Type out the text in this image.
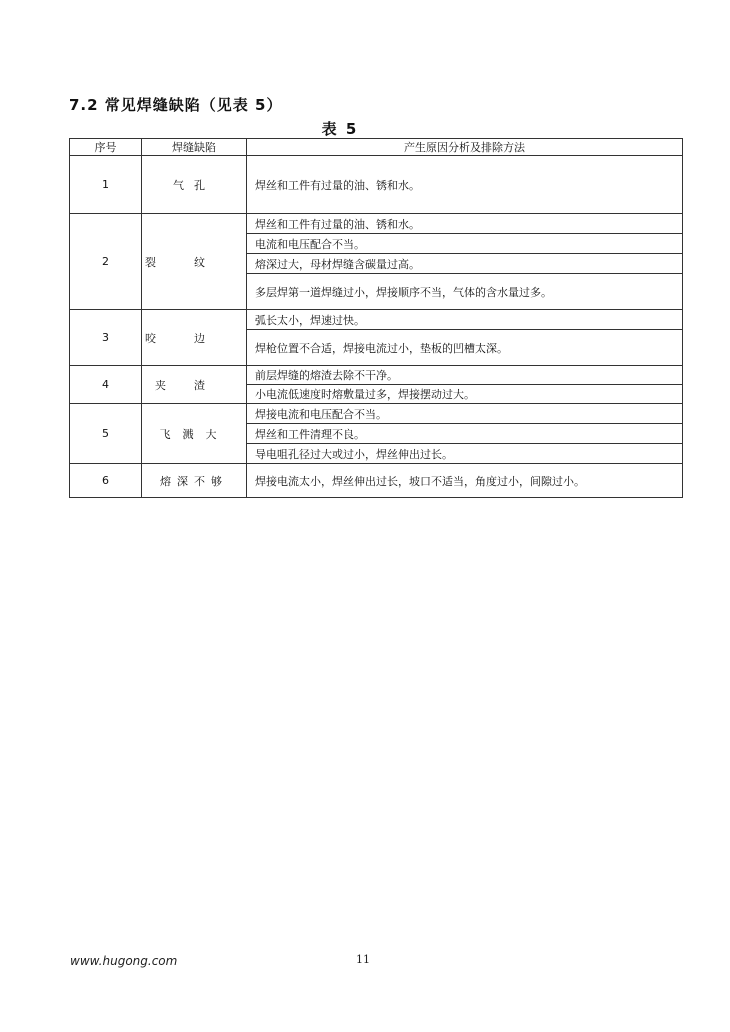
7.2 常见焊缝缺陷（见表 5）
表 5
序号	焊缝缺陷	产生原因分析及排除方法
1	气孔	焊丝和工件有过量的油、锈和水。
2	裂纹	焊丝和工件有过量的油、锈和水。
		电流和电压配合不当。
		熔深过大，母材焊缝含碳量过高。
		多层焊第一道焊缝过小，焊接顺序不当，气体的含水量过多。
3	咬边	弧长太小，焊速过快。
		焊枪位置不合适，焊接电流过小，垫板的凹槽太深。
4	夹渣	前层焊缝的熔渣去除不干净。
		小电流低速度时熔敷量过多，焊接摆动过大。
5	飞溅大	焊接电流和电压配合不当。
		焊丝和工件清理不良。
		导电咀孔径过大或过小，焊丝伸出过长。
6	熔深不够	焊接电流太小，焊丝伸出过长，坡口不适当，角度过小，间隙过小。
www.hugong.com	11
